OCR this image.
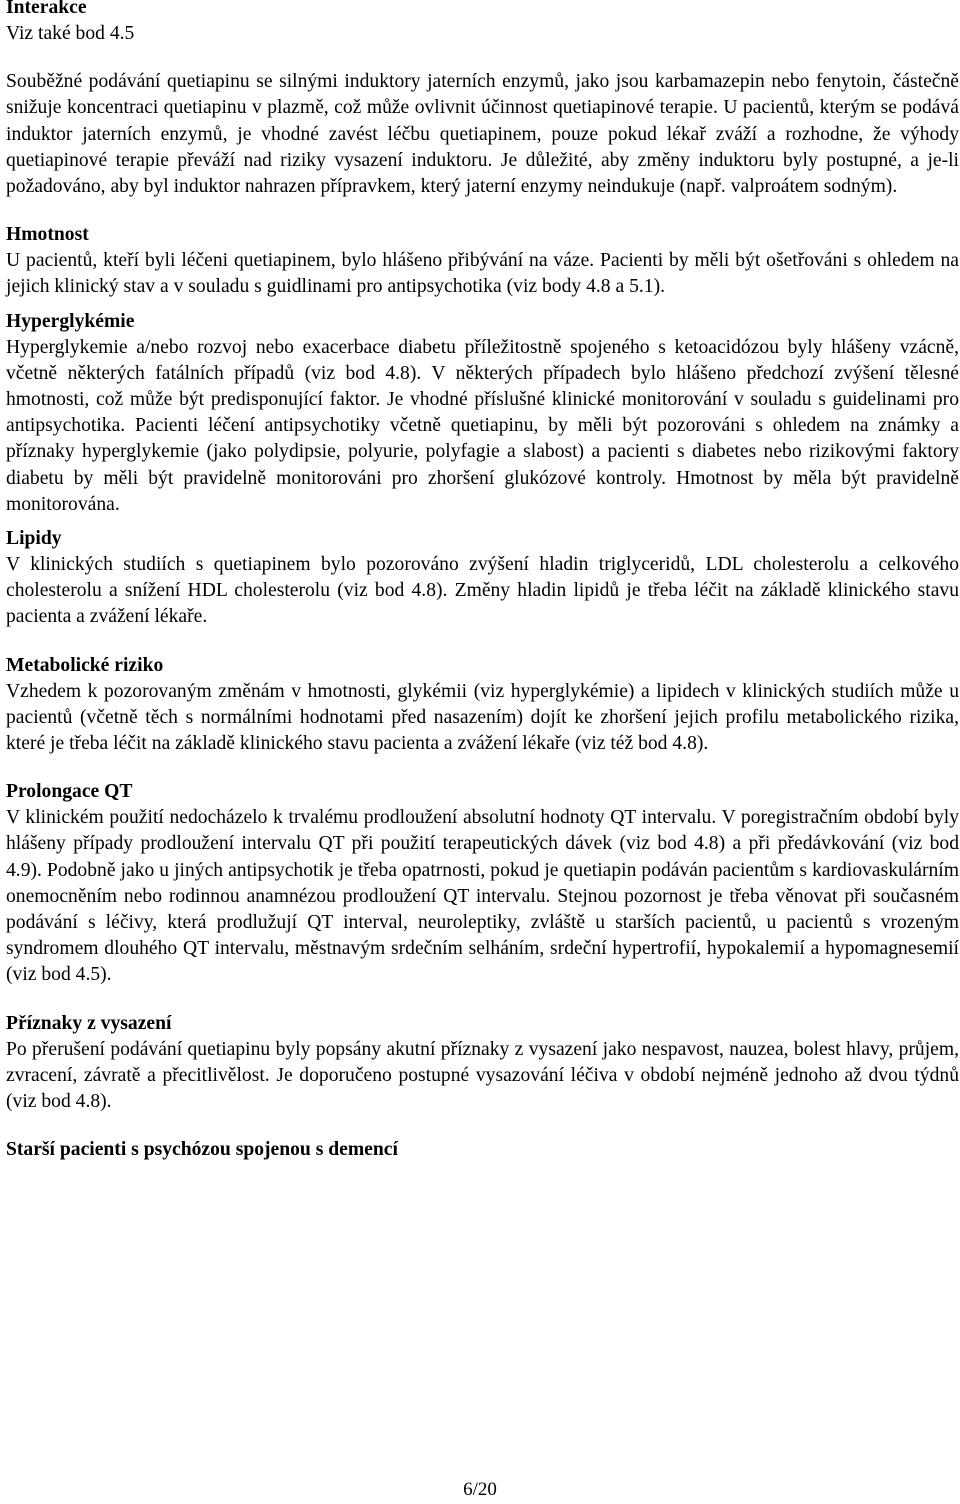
Interakce

Viz také bod 4.5

Souběžné podávání quetiapinu se silnými induktory jaterních enzymů, jako jsou karbamazepin nebo fenytoin, částečně snižuje koncentraci quetiapinu v plazmě, což může ovlivnit účinnost quetiapinové terapie. U pacientů, kterým se podává induktor jaterních enzymů, je vhodné zavést léčbu quetiapinem, pouze pokud lékař zváží a rozhodne, že výhody quetiapinové terapie převáží nad riziky vysazení induktoru. Je důležité, aby změny induktoru byly postupné, a je-li požadováno, aby byl induktor nahrazen přípravkem, který jaterní enzymy neindukuje (např. valproátem sodným).

Hmotnost

U pacientů, kteří byli léčeni quetiapinem, bylo hlášeno přibývání na váze. Pacienti by měli být ošetřováni s ohledem na jejich klinický stav a v souladu s guidlinami pro antipsychotika (viz body 4.8 a 5.1).

Hyperglykémie

Hyperglykemie a/nebo rozvoj nebo exacerbace diabetu příležitostně spojeného s ketoacidózou byly hlášeny vzácně, včetně některých fatálních případů (viz bod 4.8). V některých případech bylo hlášeno předchozí zvýšení tělesné hmotnosti, což může být predisponující faktor. Je vhodné příslušné klinické monitorování v souladu s guidelinami pro antipsychotika. Pacienti léčení antipsychotiky včetně quetiapinu, by měli být pozorováni s ohledem na známky a příznaky hyperglykemie (jako polydipsie, polyurie, polyfagie a slabost) a pacienti s diabetes nebo rizikovými faktory diabetu by měli být pravidelně monitorováni pro zhoršení glukózové kontroly. Hmotnost by měla být pravidelně monitorována.

Lipidy

V klinických studiích s quetiapinem bylo pozorováno zvýšení hladin triglyceridů, LDL cholesterolu a celkového cholesterolu a snížení HDL cholesterolu (viz bod 4.8). Změny hladin lipidů je třeba léčit na základě klinického stavu pacienta a zvážení lékaře.

Metabolické riziko

Vzhedem k pozorovaným změnám v hmotnosti, glykémii (viz hyperglykémie) a lipidech v klinických studiích může u pacientů (včetně těch s normálními hodnotami před nasazením) dojít ke zhoršení jejich profilu metabolického rizika, které je třeba léčit na základě klinického stavu pacienta a zvážení lékaře (viz též bod 4.8).

Prolongace QT

V klinickém použití nedocházelo k trvalému prodloužení absolutní hodnoty QT intervalu. V poregistračním období byly hlášeny případy prodloužení intervalu QT při použití terapeutických dávek (viz bod 4.8) a při předávkování (viz bod 4.9). Podobně jako u jiných antipsychotik je třeba opatrnosti, pokud je quetiapin podáván pacientům s kardiovaskulárním onemocněním nebo rodinnou anamnézou prodloužení QT intervalu. Stejnou pozornost je třeba věnovat při současném podávání s léčivy, která prodlužují QT interval, neuroleptiky, zvláště u starších pacientů, u pacientů s vrozeným syndromem dlouhého QT intervalu, městnavým srdečním selháním, srdeční hypertrofií, hypokalemií a hypomagnesemií (viz bod 4.5).

Příznaky z vysazení

Po přerušení podávání quetiapinu byly popsány akutní příznaky z vysazení jako nespavost, nauzea, bolest hlavy, průjem, zvracení, závratě a přecitlivělost. Je doporučeno postupné vysazování léčiva v období nejméně jednoho až dvou týdnů (viz bod 4.8).

Starší pacienti s psychózou spojenou s demencí
6/20
